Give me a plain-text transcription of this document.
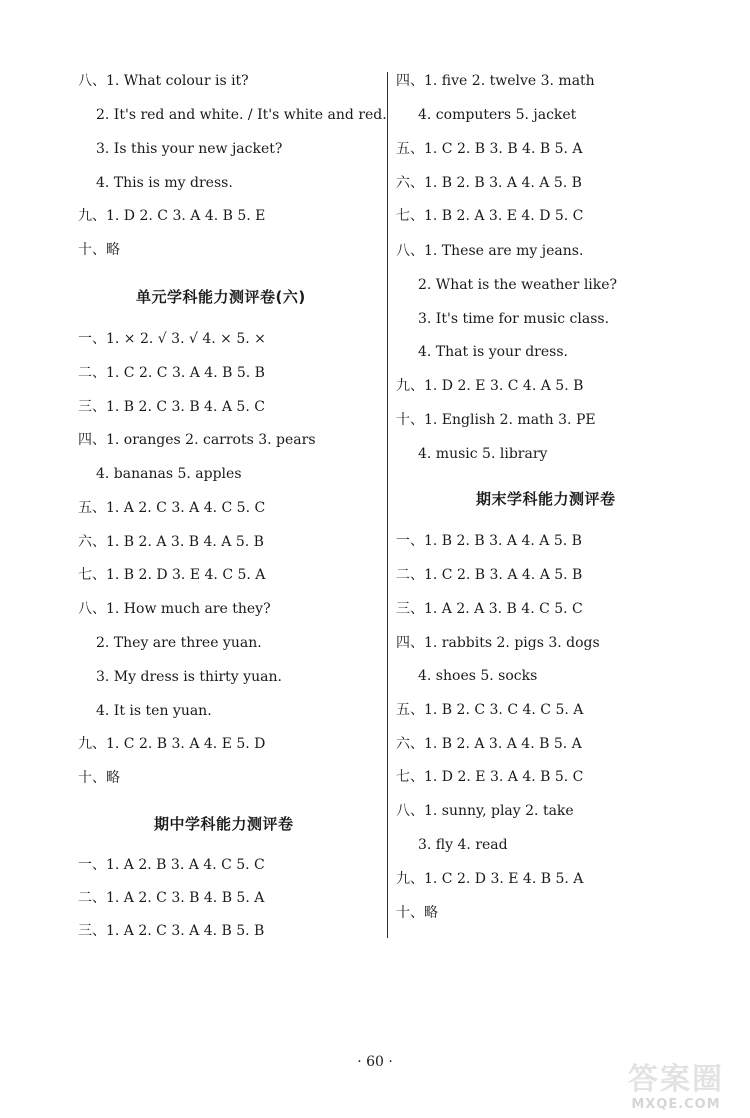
八、1. What colour is it?
2. It's red and white. / It's white and red.
3. Is this your new jacket?
4. This is my dress.
九、1. D 2. C 3. A 4. B 5. E
十、略
单元学科能力测评卷(六)
一、1. × 2. √ 3. √ 4. × 5. ×
二、1. C 2. C 3. A 4. B 5. B
三、1. B 2. C 3. B 4. A 5. C
四、1. oranges 2. carrots 3. pears
4. bananas 5. apples
五、1. A 2. C 3. A 4. C 5. C
六、1. B 2. A 3. B 4. A 5. B
七、1. B 2. D 3. E 4. C 5. A
八、1. How much are they?
2. They are three yuan.
3. My dress is thirty yuan.
4. It is ten yuan.
九、1. C 2. B 3. A 4. E 5. D
十、略
期中学科能力测评卷
一、1. A 2. B 3. A 4. C 5. C
二、1. A 2. C 3. B 4. B 5. A
三、1. A 2. C 3. A 4. B 5. B
四、1. five 2. twelve 3. math
4. computers 5. jacket
五、1. C 2. B 3. B 4. B 5. A
六、1. B 2. B 3. A 4. A 5. B
七、1. B 2. A 3. E 4. D 5. C
八、1. These are my jeans.
2. What is the weather like?
3. It's time for music class.
4. That is your dress.
九、1. D 2. E 3. C 4. A 5. B
十、1. English 2. math 3. PE
4. music 5. library
期末学科能力测评卷
一、1. B 2. B 3. A 4. A 5. B
二、1. C 2. B 3. A 4. A 5. B
三、1. A 2. A 3. B 4. C 5. C
四、1. rabbits 2. pigs 3. dogs
4. shoes 5. socks
五、1. B 2. C 3. C 4. C 5. A
六、1. B 2. A 3. A 4. B 5. A
七、1. D 2. E 3. A 4. B 5. C
八、1. sunny, play 2. take
3. fly 4. read
九、1. C 2. D 3. E 4. B 5. A
十、略
· 60 ·	答案圈
MXQE.COM
